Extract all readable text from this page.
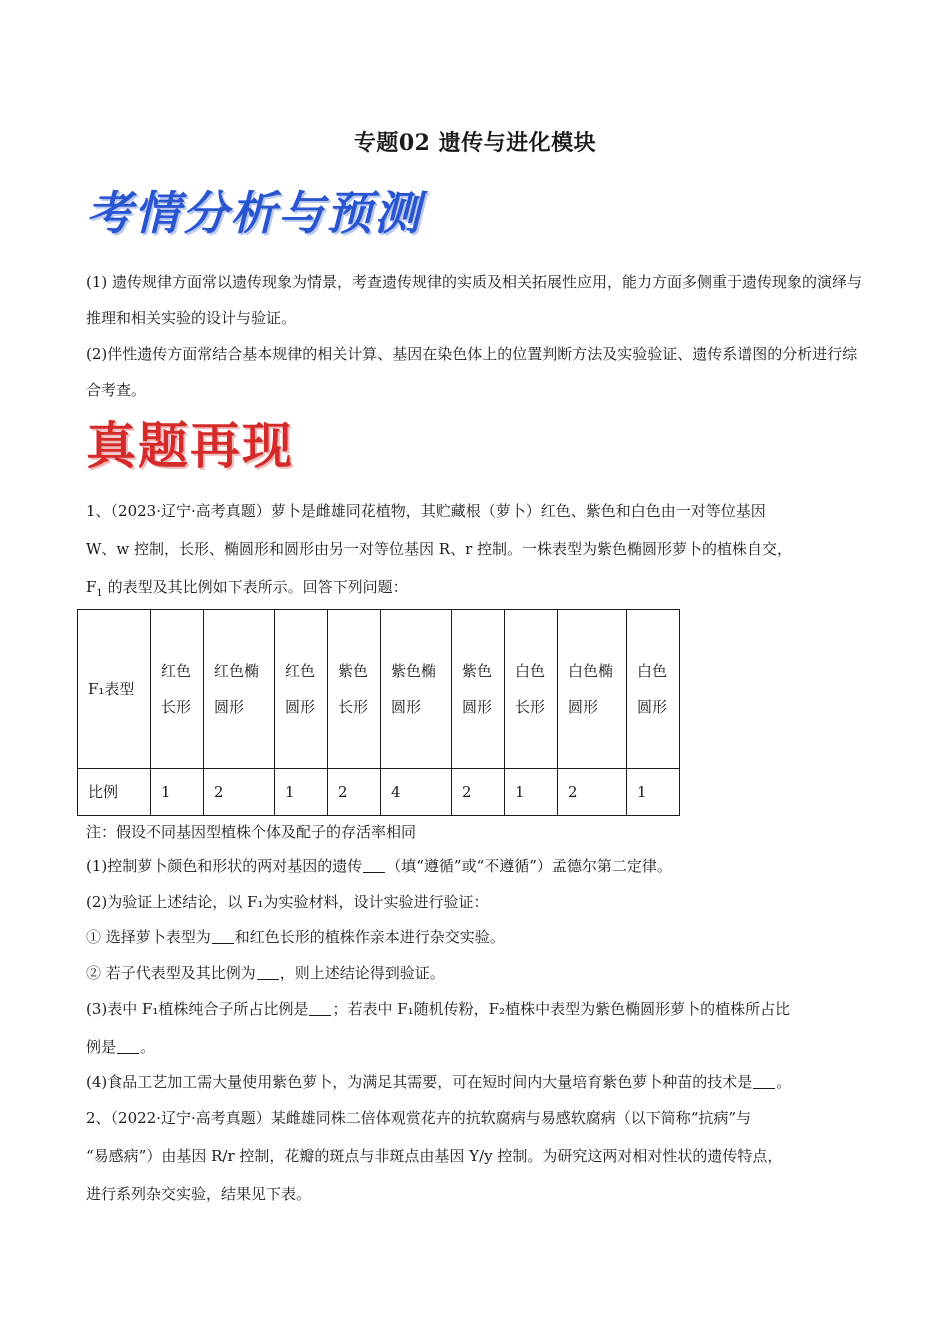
专题02 遗传与进化模块
考情分析与预测
(1) 遗传规律方面常以遗传现象为情景，考查遗传规律的实质及相关拓展性应用，能力方面多侧重于遗传现象的演绎与推理和相关实验的设计与验证。
(2)伴性遗传方面常结合基本规律的相关计算、基因在染色体上的位置判断方法及实验验证、遗传系谱图的分析进行综合考查。
真题再现
1、（2023·辽宁·高考真题）萝卜是雌雄同花植物，其贮藏根（萝卜）红色、紫色和白色由一对等位基因
W、w 控制，长形、椭圆形和圆形由另一对等位基因 R、r 控制。一株表型为紫色椭圆形萝卜的植株自交，
$F_1$ 的表型及其比例如下表所示。回答下列问题：
F₁表型	红色长形	红色椭圆形	红色圆形	紫色长形	紫色椭圆形	紫色圆形	白色长形	白色椭圆形	白色圆形

比例	1	2	1	2	4	2	1	2	1
注：假设不同基因型植株个体及配子的存活率相同
(1)控制萝卜颜色和形状的两对基因的遗传 （填“遵循”或“不遵循”）孟德尔第二定律。
(2)为验证上述结论，以 F₁为实验材料，设计实验进行验证：
① 选择萝卜表型为 和红色长形的植株作亲本进行杂交实验。
② 若子代表型及其比例为 ，则上述结论得到验证。
(3)表中 F₁植株纯合子所占比例是 ；若表中 F₁随机传粉，F₂植株中表型为紫色椭圆形萝卜的植株所占比
例是 。
(4)食品工艺加工需大量使用紫色萝卜，为满足其需要，可在短时间内大量培育紫色萝卜种苗的技术是 。
2、（2022·辽宁·高考真题）某雌雄同株二倍体观赏花卉的抗软腐病与易感软腐病（以下简称“抗病”与
“易感病”）由基因 R/r 控制，花瓣的斑点与非斑点由基因 Y/y 控制。为研究这两对相对性状的遗传特点，
进行系列杂交实验，结果见下表。
